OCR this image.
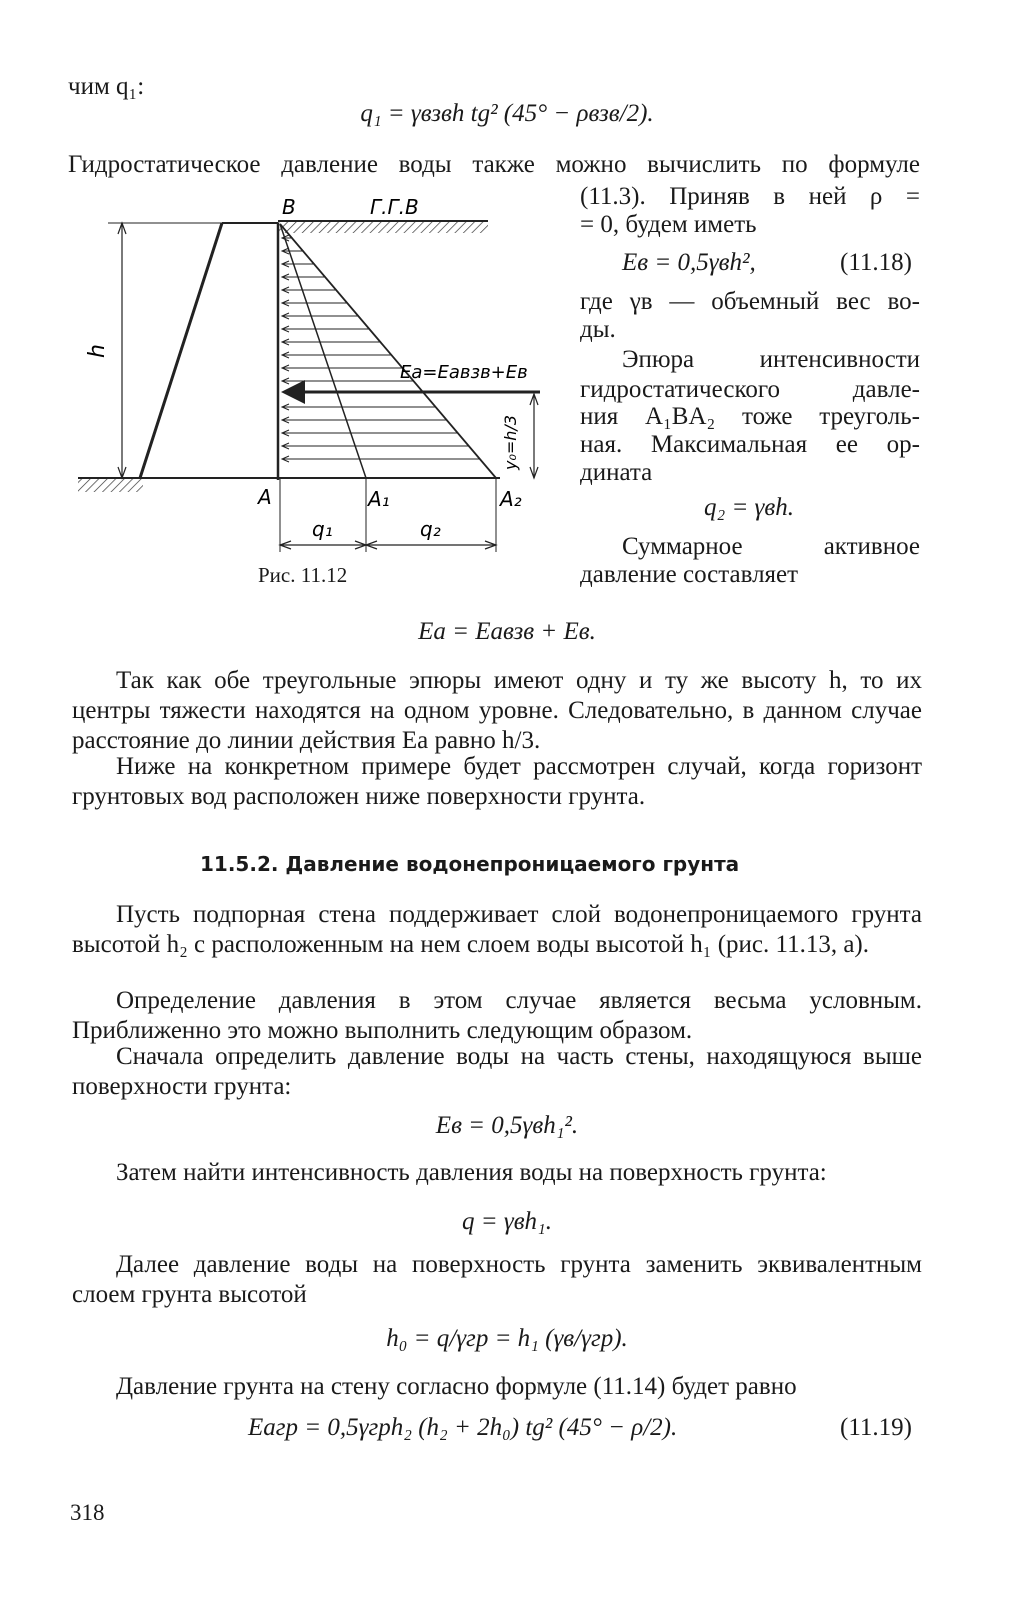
чим q₁:
q₁ = γвзвh tg² (45° − ρвзв/2).
Гидростатическое давление воды также можно вычислить по формуле
(11.3). Приняв в ней ρ =
= 0, будем иметь
Eв = 0,5γвh²,	(11.18)
где γв — объемный вес во-
ды.
Эпюра интенсивности
гидростатического давле-
ния A₁BA₂ тоже треуголь-
ная. Максимальная ее ор-
дината
q₂ = γвh.
Суммарное активное
давление составляет
h
y₀=h/3
B	Г.Г.В
Eа=Eавзв+Eв
A	A₁	A₂
q₁	q₂
Рис. 11.12
Eа = Eавзв + Eв.
Так как обе треугольные эпюры имеют одну и ту же высоту h, то их центры тяжести находятся на одном уровне. Следовательно, в данном случае расстояние до линии действия Eа равно h/3.
Ниже на конкретном примере будет рассмотрен случай, когда горизонт грунтовых вод расположен ниже поверхности грунта.
11.5.2. Давление водонепроницаемого грунта
Пусть подпорная стена поддерживает слой водонепроницаемого грунта высотой h₂ с расположенным на нем слоем воды высотой h₁ (рис. 11.13, а).
Определение давления в этом случае является весьма условным. Приближенно это можно выполнить следующим образом.
Сначала определить давление воды на часть стены, находящуюся выше поверхности грунта:
Eв = 0,5γвh₁².
Затем найти интенсивность давления воды на поверхность грунта:
q = γвh₁.
Далее давление воды на поверхность грунта заменить эквивалентным слоем грунта высотой
h₀ = q/γгр = h₁ (γв/γгр).
Давление грунта на стену согласно формуле (11.14) будет равно
Eагр = 0,5γгрh₂ (h₂ + 2h₀) tg² (45° − ρ/2).	(11.19)
318
